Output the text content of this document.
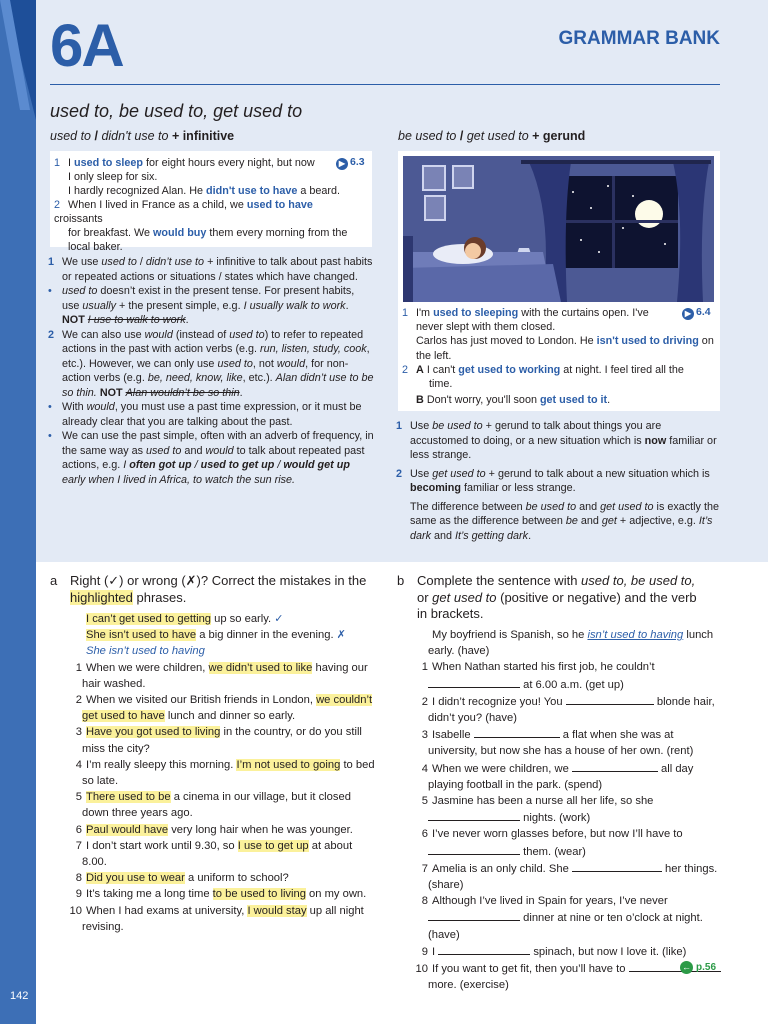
142
6A	GRAMMAR BANK
used to, be used to, get used to
used to / didn't use to + infinitive
▶ 6.3
1 I used to sleep for eight hours every night, but now
I only sleep for six.
I hardly recognized Alan. He didn't use to have a beard.
2 When I lived in France as a child, we used to have croissants
for breakfast. We would buy them every morning from the
local baker.

1 We use used to / didn’t use to + infinitive to talk about past habits or repeated actions or situations / states which have changed.

• used to doesn’t exist in the present tense. For present habits, use usually + the present simple, e.g. I usually walk to work. NOT I use to walk to work.

2 We can also use would (instead of used to) to refer to repeated actions in the past with action verbs (e.g. run, listen, study, cook, etc.). However, we can only use used to, not would, for non-action verbs (e.g. be, need, know, like, etc.). Alan didn’t use to be so thin. NOT Alan wouldn’t be so thin.

• With would, you must use a past time expression, or it must be already clear that you are talking about the past.

• We can use the past simple, often with an adverb of frequency, in the same way as used to and would to talk about repeated past actions, e.g. I often got up / used to get up / would get up early when I lived in Africa, to watch the sun rise.

be used to / get used to + gerund
▶ 6.4
1 I'm used to sleeping with the curtains open. I've
never slept with them closed.
Carlos has just moved to London. He isn't used to driving on
the left.
2 A I can't get used to working at night. I feel tired all the
time.
B Don't worry, you'll soon get used to it.

1 Use be used to + gerund to talk about things you are accustomed to doing, or a new situation which is now familiar or less strange.

2 Use get used to + gerund to talk about a new situation which is becoming familiar or less strange.

The difference between be used to and get used to is exactly the same as the difference between be and get + adjective, e.g. It’s dark and It’s getting dark.

a Right (✓) or wrong (✗)? Correct the mistakes in the
highlighted phrases.

I can’t get used to getting up so early. ✓

She isn’t used to have a big dinner in the evening. ✗

She isn’t used to having

1 When we were children, we didn’t used to like having our hair washed.

2 When we visited our British friends in London, we couldn’t get used to have lunch and dinner so early.

3 Have you got used to living in the country, or do you still miss the city?

4 I’m really sleepy this morning. I’m not used to going to bed so late.

5 There used to be a cinema in our village, but it closed down three years ago.

6 Paul would have very long hair when he was younger.

7 I don’t start work until 9.30, so I use to get up at about 8.00.

8 Did you use to wear a uniform to school?

9 It’s taking me a long time to be used to living on my own.

10 When I had exams at university, I would stay up all night revising.

b Complete the sentence with used to, be used to,
or get used to (positive or negative) and the verb
in brackets.

My boyfriend is Spanish, so he isn’t used to having lunch early. (have)

1 When Nathan started his first job, he couldn’t  at 6.00 a.m. (get up)

2 I didn’t recognize you! You	blonde hair, didn’t you? (have)

3 Isabelle	a flat when she was at university, but now she has a house of her own. (rent)

4 When we were children, we	all day playing football in the park. (spend)

5 Jasmine has been a nurse all her life, so she  nights. (work)

6 I’ve never worn glasses before, but now I’ll have to  them. (wear)

7 Amelia is an only child. She	her things. (share)

8 Although I’ve lived in Spain for years, I’ve never  dinner at nine or ten o’clock at night. (have)

9 I	spinach, but now I love it. (like)

10 If you want to get fit, then you’ll have to  more. (exercise)

← p.56
